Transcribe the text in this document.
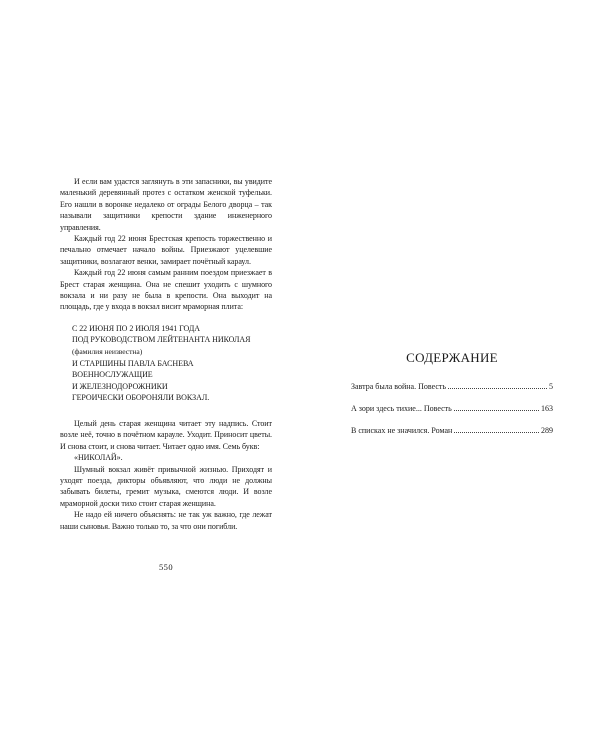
И если вам удастся заглянуть в эти запасники, вы увидите маленький деревянный протез с остатком женской туфельки. Его нашли в воронке недалеко от ограды Белого дворца – так называли защитники крепости здание инженерного управления.

Каждый год 22 июня Брестская крепость торжественно и печально отмечает начало войны. Приезжают уцелевшие защитники, возлагают венки, замирает почётный караул.

Каждый год 22 июня самым ранним поездом приезжает в Брест старая женщина. Она не спешит уходить с шумного вокзала и ни разу не была в крепости. Она выходит на площадь, где у входа в вокзал висит мраморная плита:

С 22 ИЮНЯ ПО 2 ИЮЛЯ 1941 ГОДА
ПОД РУКОВОДСТВОМ ЛЕЙТЕНАНТА НИКОЛАЯ
(фамилия неизвестна)
И СТАРШИНЫ ПАВЛА БАСНЕВА
ВОЕННОСЛУЖАЩИЕ
И ЖЕЛЕЗНОДОРОЖНИКИ
ГЕРОИЧЕСКИ ОБОРОНЯЛИ ВОКЗАЛ.

Целый день старая женщина читает эту надпись. Стоит возле неё, точно в почётном карауле. Уходит. Приносит цветы. И снова стоит, и снова читает. Читает одно имя. Семь букв:

«НИКОЛАЙ».

Шумный вокзал живёт привычной жизнью. Приходят и уходят поезда, дикторы объявляют, что люди не должны забывать билеты, гремит музыка, смеются люди. И возле мраморной доски тихо стоит старая женщина.

Не надо ей ничего объяснять: не так уж важно, где лежат наши сыновья. Важно только то, за что они погибли.

550
СОДЕРЖАНИЕ
Завтра была война. Повесть	5
А зори здесь тихие... Повесть	163
В списках не значился. Роман	289
